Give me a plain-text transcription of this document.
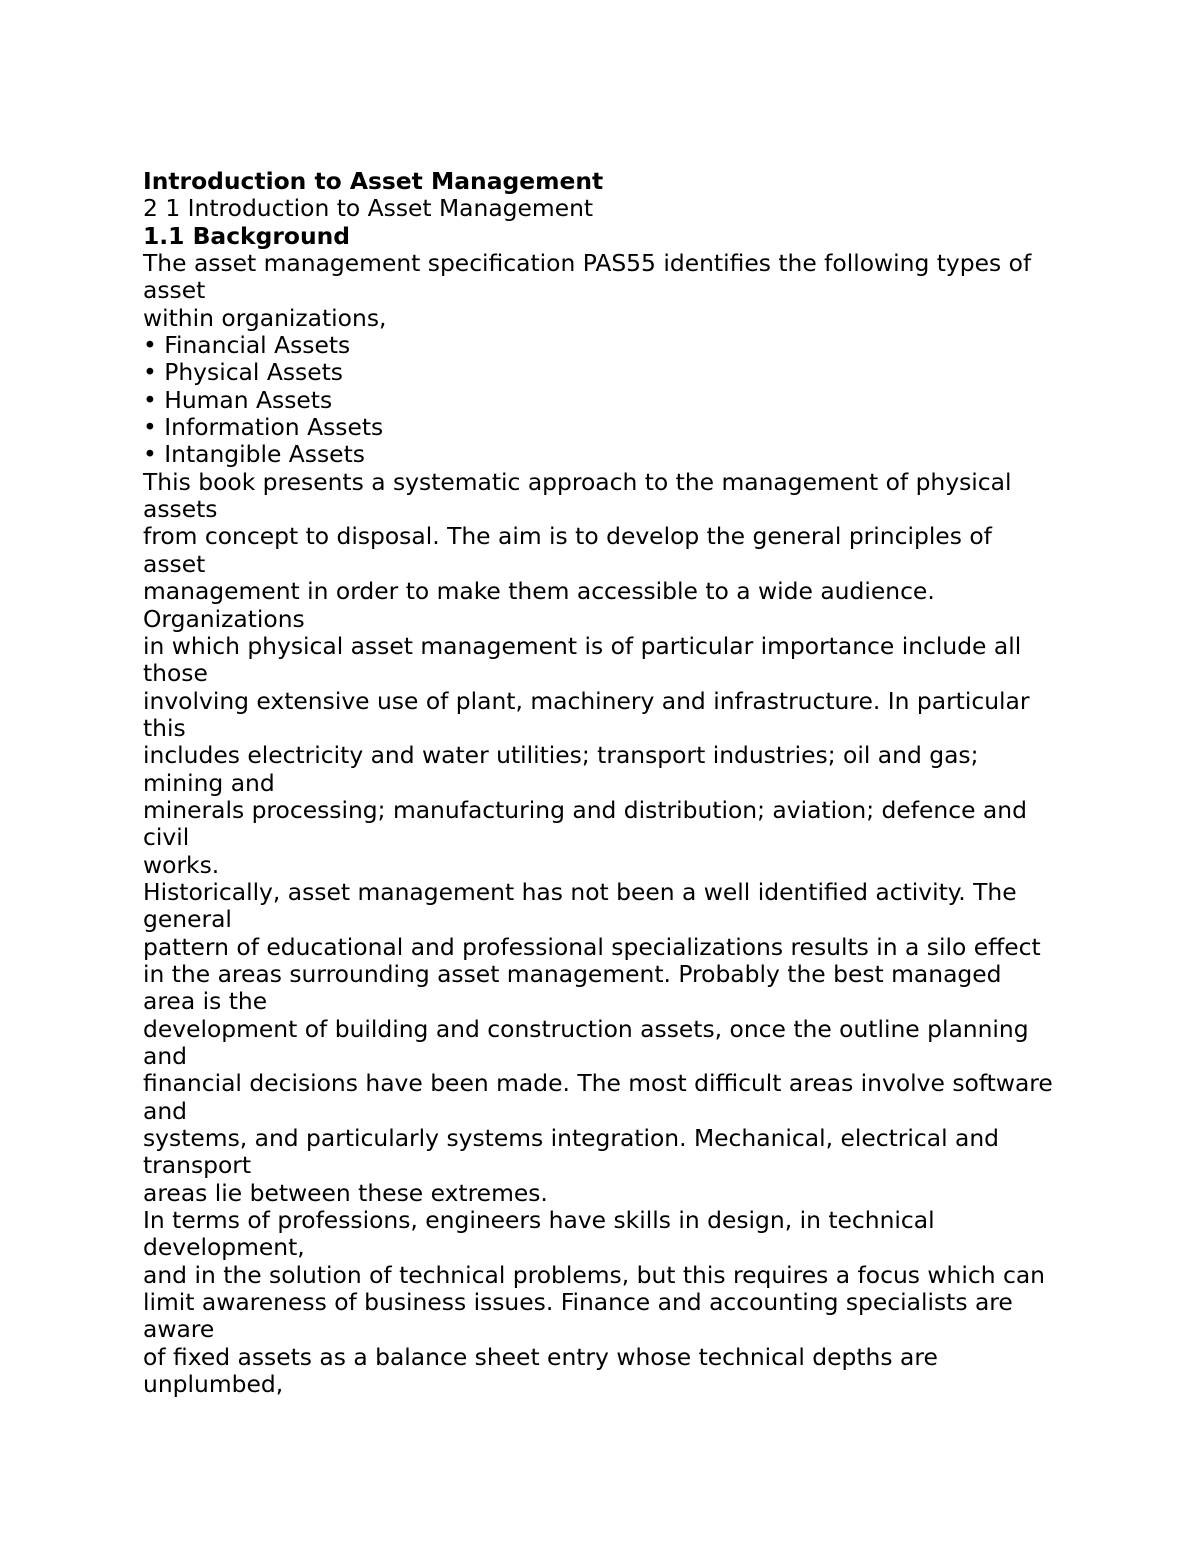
Introduction to Asset Management
2 1 Introduction to Asset Management
1.1 Background
The asset management specification PAS55 identifies the following types of
asset
within organizations,
• Financial Assets
• Physical Assets
• Human Assets
• Information Assets
• Intangible Assets
This book presents a systematic approach to the management of physical
assets
from concept to disposal. The aim is to develop the general principles of
asset
management in order to make them accessible to a wide audience.
Organizations
in which physical asset management is of particular importance include all
those
involving extensive use of plant, machinery and infrastructure. In particular
this
includes electricity and water utilities; transport industries; oil and gas;
mining and
minerals processing; manufacturing and distribution; aviation; defence and
civil
works.
Historically, asset management has not been a well identified activity. The
general
pattern of educational and professional specializations results in a silo effect
in the areas surrounding asset management. Probably the best managed
area is the
development of building and construction assets, once the outline planning
and
financial decisions have been made. The most difficult areas involve software
and
systems, and particularly systems integration. Mechanical, electrical and
transport
areas lie between these extremes.
In terms of professions, engineers have skills in design, in technical
development,
and in the solution of technical problems, but this requires a focus which can
limit awareness of business issues. Finance and accounting specialists are
aware
of fixed assets as a balance sheet entry whose technical depths are
unplumbed,
